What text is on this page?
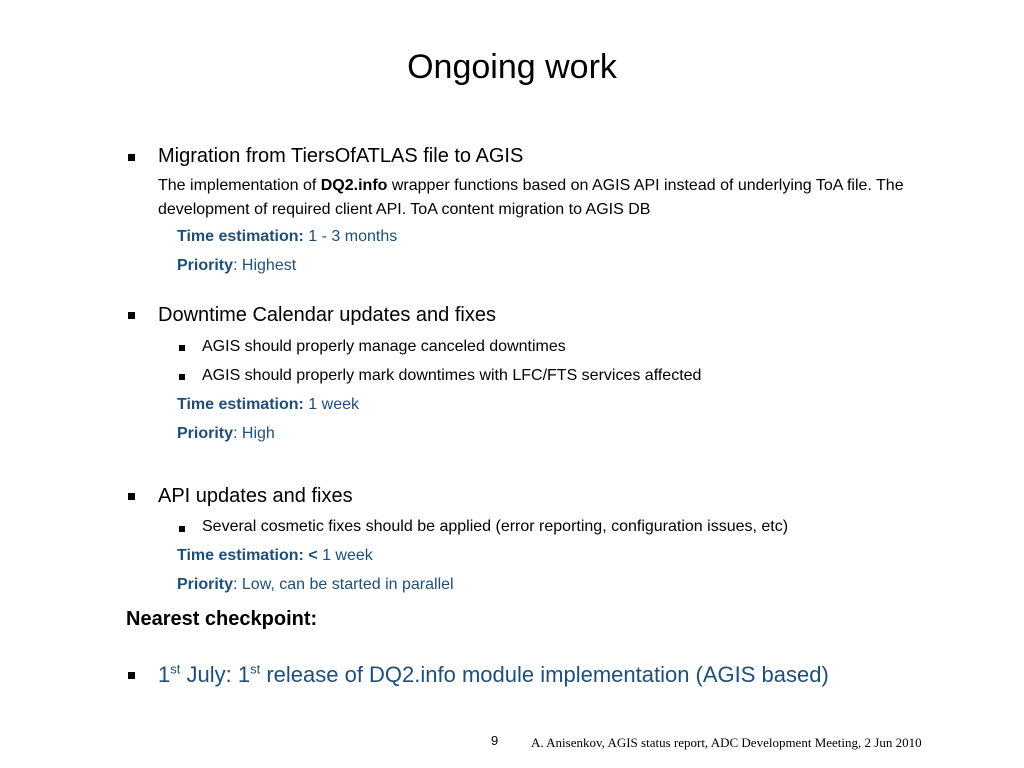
Ongoing work
Migration from TiersOfATLAS file to AGIS
The implementation of DQ2.info wrapper functions based on AGIS API instead of underlying ToA file. The development of required client API. ToA content migration to AGIS DB
Time estimation: 1 - 3 months
Priority: Highest
Downtime Calendar updates and fixes
AGIS should properly manage canceled downtimes
AGIS should properly mark downtimes with LFC/FTS services affected
Time estimation: 1 week
Priority: High
API updates and fixes
Several cosmetic fixes should be applied (error reporting, configuration issues, etc)
Time estimation: < 1 week
Priority: Low, can be started in parallel
Nearest checkpoint:
1st July: 1st release of DQ2.info module implementation (AGIS based)
9	A. Anisenkov, AGIS status report, ADC Development Meeting, 2 Jun 2010
